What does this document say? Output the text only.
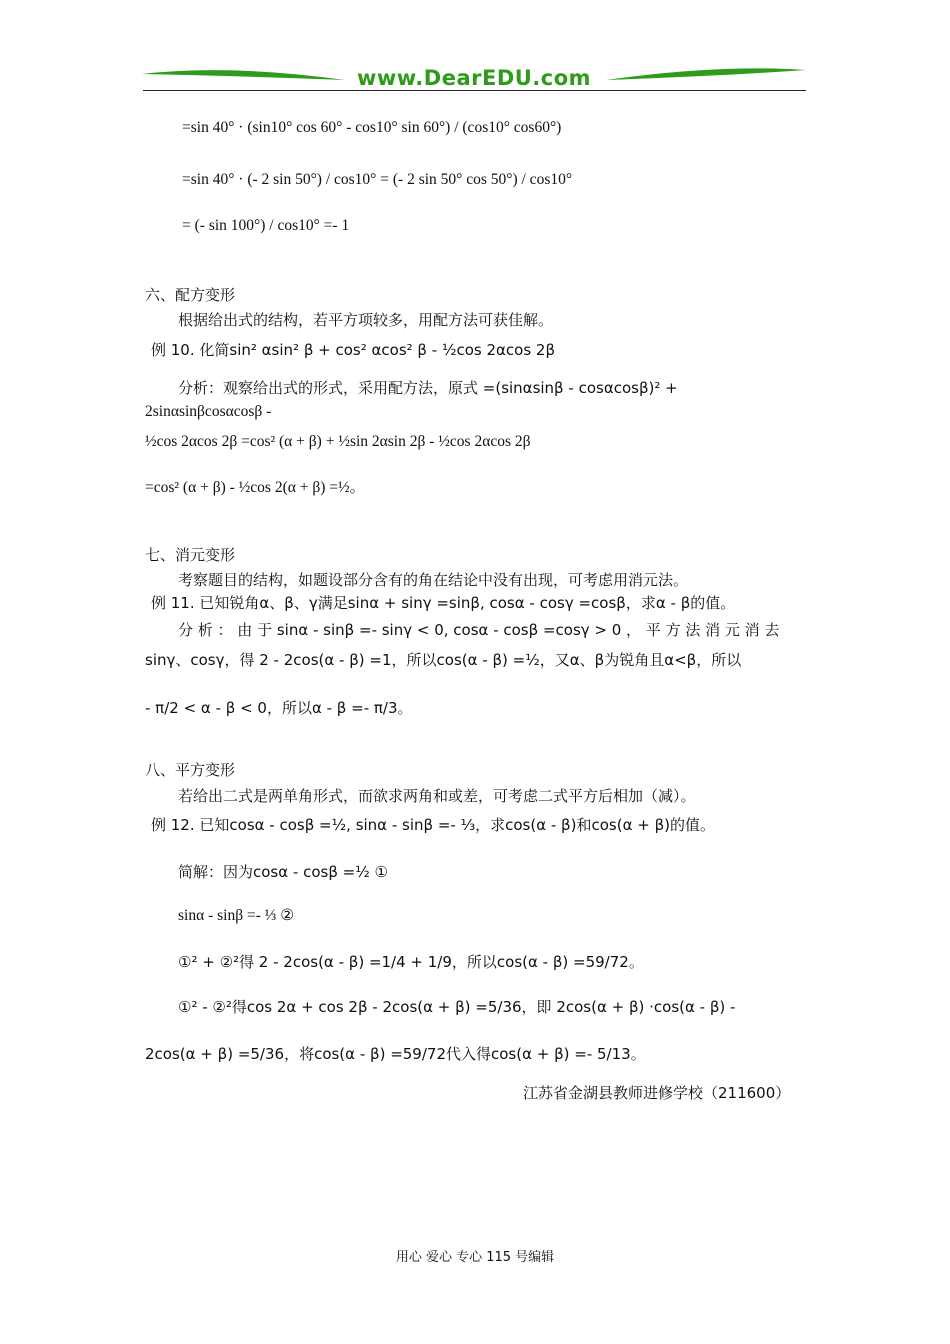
www.DearEDU.com
=sin 40° · (sin10° cos 60° - cos10° sin 60°) / (cos10° cos60°)
=sin 40° · (- 2 sin 50°) / cos10° = (- 2 sin 50° cos 50°) / cos10°
= (- sin 100°) / cos10° =- 1
六、配方变形
根据给出式的结构，若平方项较多，用配方法可获佳解。
例 10. 化简sin² αsin² β + cos² αcos² β - ½cos 2αcos 2β
分析：观察给出式的形式，采用配方法，原式 =(sinαsinβ - cosαcosβ)² +
2sinαsinβcosαcosβ -
½cos 2αcos 2β =cos² (α + β) + ½sin 2αsin 2β - ½cos 2αcos 2β
=cos² (α + β) - ½cos 2(α + β) =½。
七、消元变形
考察题目的结构，如题设部分含有的角在结论中没有出现，可考虑用消元法。
例 11. 已知锐角α、β、γ满足sinα + sinγ =sinβ, cosα - cosγ =cosβ，求α - β的值。
分 析 ： 由 于 sinα - sinβ =- sinγ < 0, cosα - cosβ =cosγ > 0 ， 平 方 法 消 元 消 去
sinγ、cosγ，得 2 - 2cos(α - β) =1，所以cos(α - β) =½，又α、β为锐角且α<β，所以
- π/2 < α - β < 0，所以α - β =- π/3。
八、平方变形
若给出二式是两单角形式，而欲求两角和或差，可考虑二式平方后相加（减）。
例 12. 已知cosα - cosβ =½, sinα - sinβ =- ⅓，求cos(α - β)和cos(α + β)的值。
简解：因为cosα - cosβ =½ ①
sinα - sinβ =- ⅓ ②
①² + ②²得 2 - 2cos(α - β) =1/4 + 1/9，所以cos(α - β) =59/72。
①² - ②²得cos 2α + cos 2β - 2cos(α + β) =5/36，即 2cos(α + β) ·cos(α - β) -
2cos(α + β) =5/36，将cos(α - β) =59/72代入得cos(α + β) =- 5/13。
江苏省金湖县教师进修学校（211600）
用心 爱心 专心 115 号编辑
